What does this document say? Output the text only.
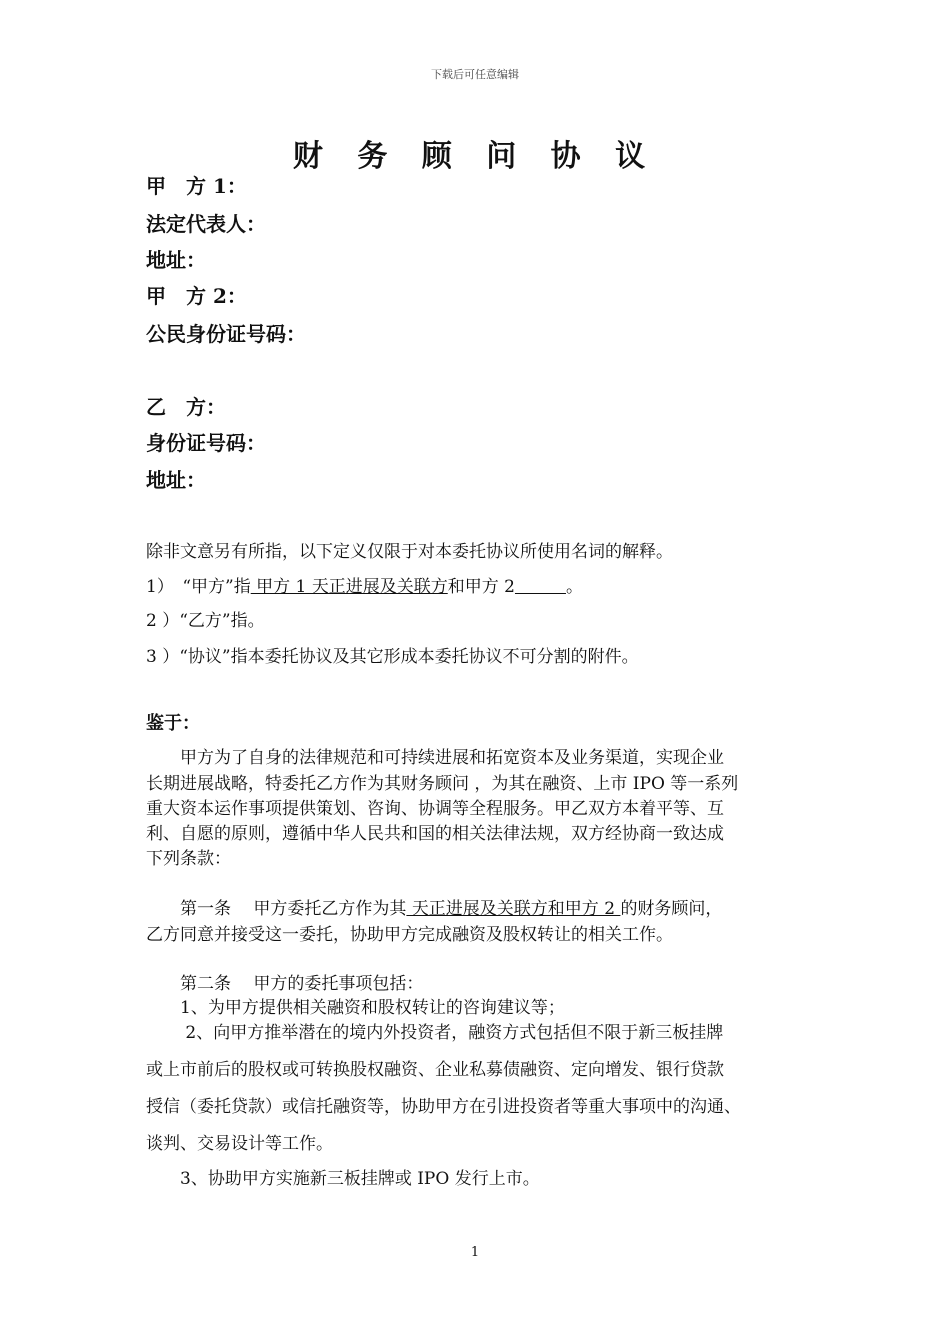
下载后可任意编辑
财 务 顾 问 协 议
甲　方 1：
法定代表人：
地址：
甲　方 2：
公民身份证号码：
乙　方：
身份证号码：
地址：
除非文意另有所指，以下定义仅限于对本委托协议所使用名词的解释。
1）　“甲方”指 甲方 1 天正进展及关联方和甲方 2　　　	。
2 ）“乙方”指。
3 ）“协议”指本委托协议及其它形成本委托协议不可分割的附件。
鉴于：
　　甲方为了自身的法律规范和可持续进展和拓宽资本及业务渠道，实现企业
长期进展战略，特委托乙方作为其财务顾问 ，为其在融资、上市 IPO 等一系列
重大资本运作事项提供策划、咨询、协调等全程服务。甲乙双方本着平等、互
利、自愿的原则，遵循中华人民共和国的相关法律法规，双方经协商一致达成
下列条款：
　　第一条　 甲方委托乙方作为其 天正进展及关联方和甲方 2 的财务顾问，
乙方同意并接受这一委托，协助甲方完成融资及股权转让的相关工作。
　　第二条　 甲方的委托事项包括：
　　1、为甲方提供相关融资和股权转让的咨询建议等；
　　 2、向甲方推举潜在的境内外投资者，融资方式包括但不限于新三板挂牌
或上市前后的股权或可转换股权融资、企业私募债融资、定向增发、银行贷款
授信（委托贷款）或信托融资等，协助甲方在引进投资者等重大事项中的沟通、
谈判、交易设计等工作。
　　3、协助甲方实施新三板挂牌或 IPO 发行上市。
1
